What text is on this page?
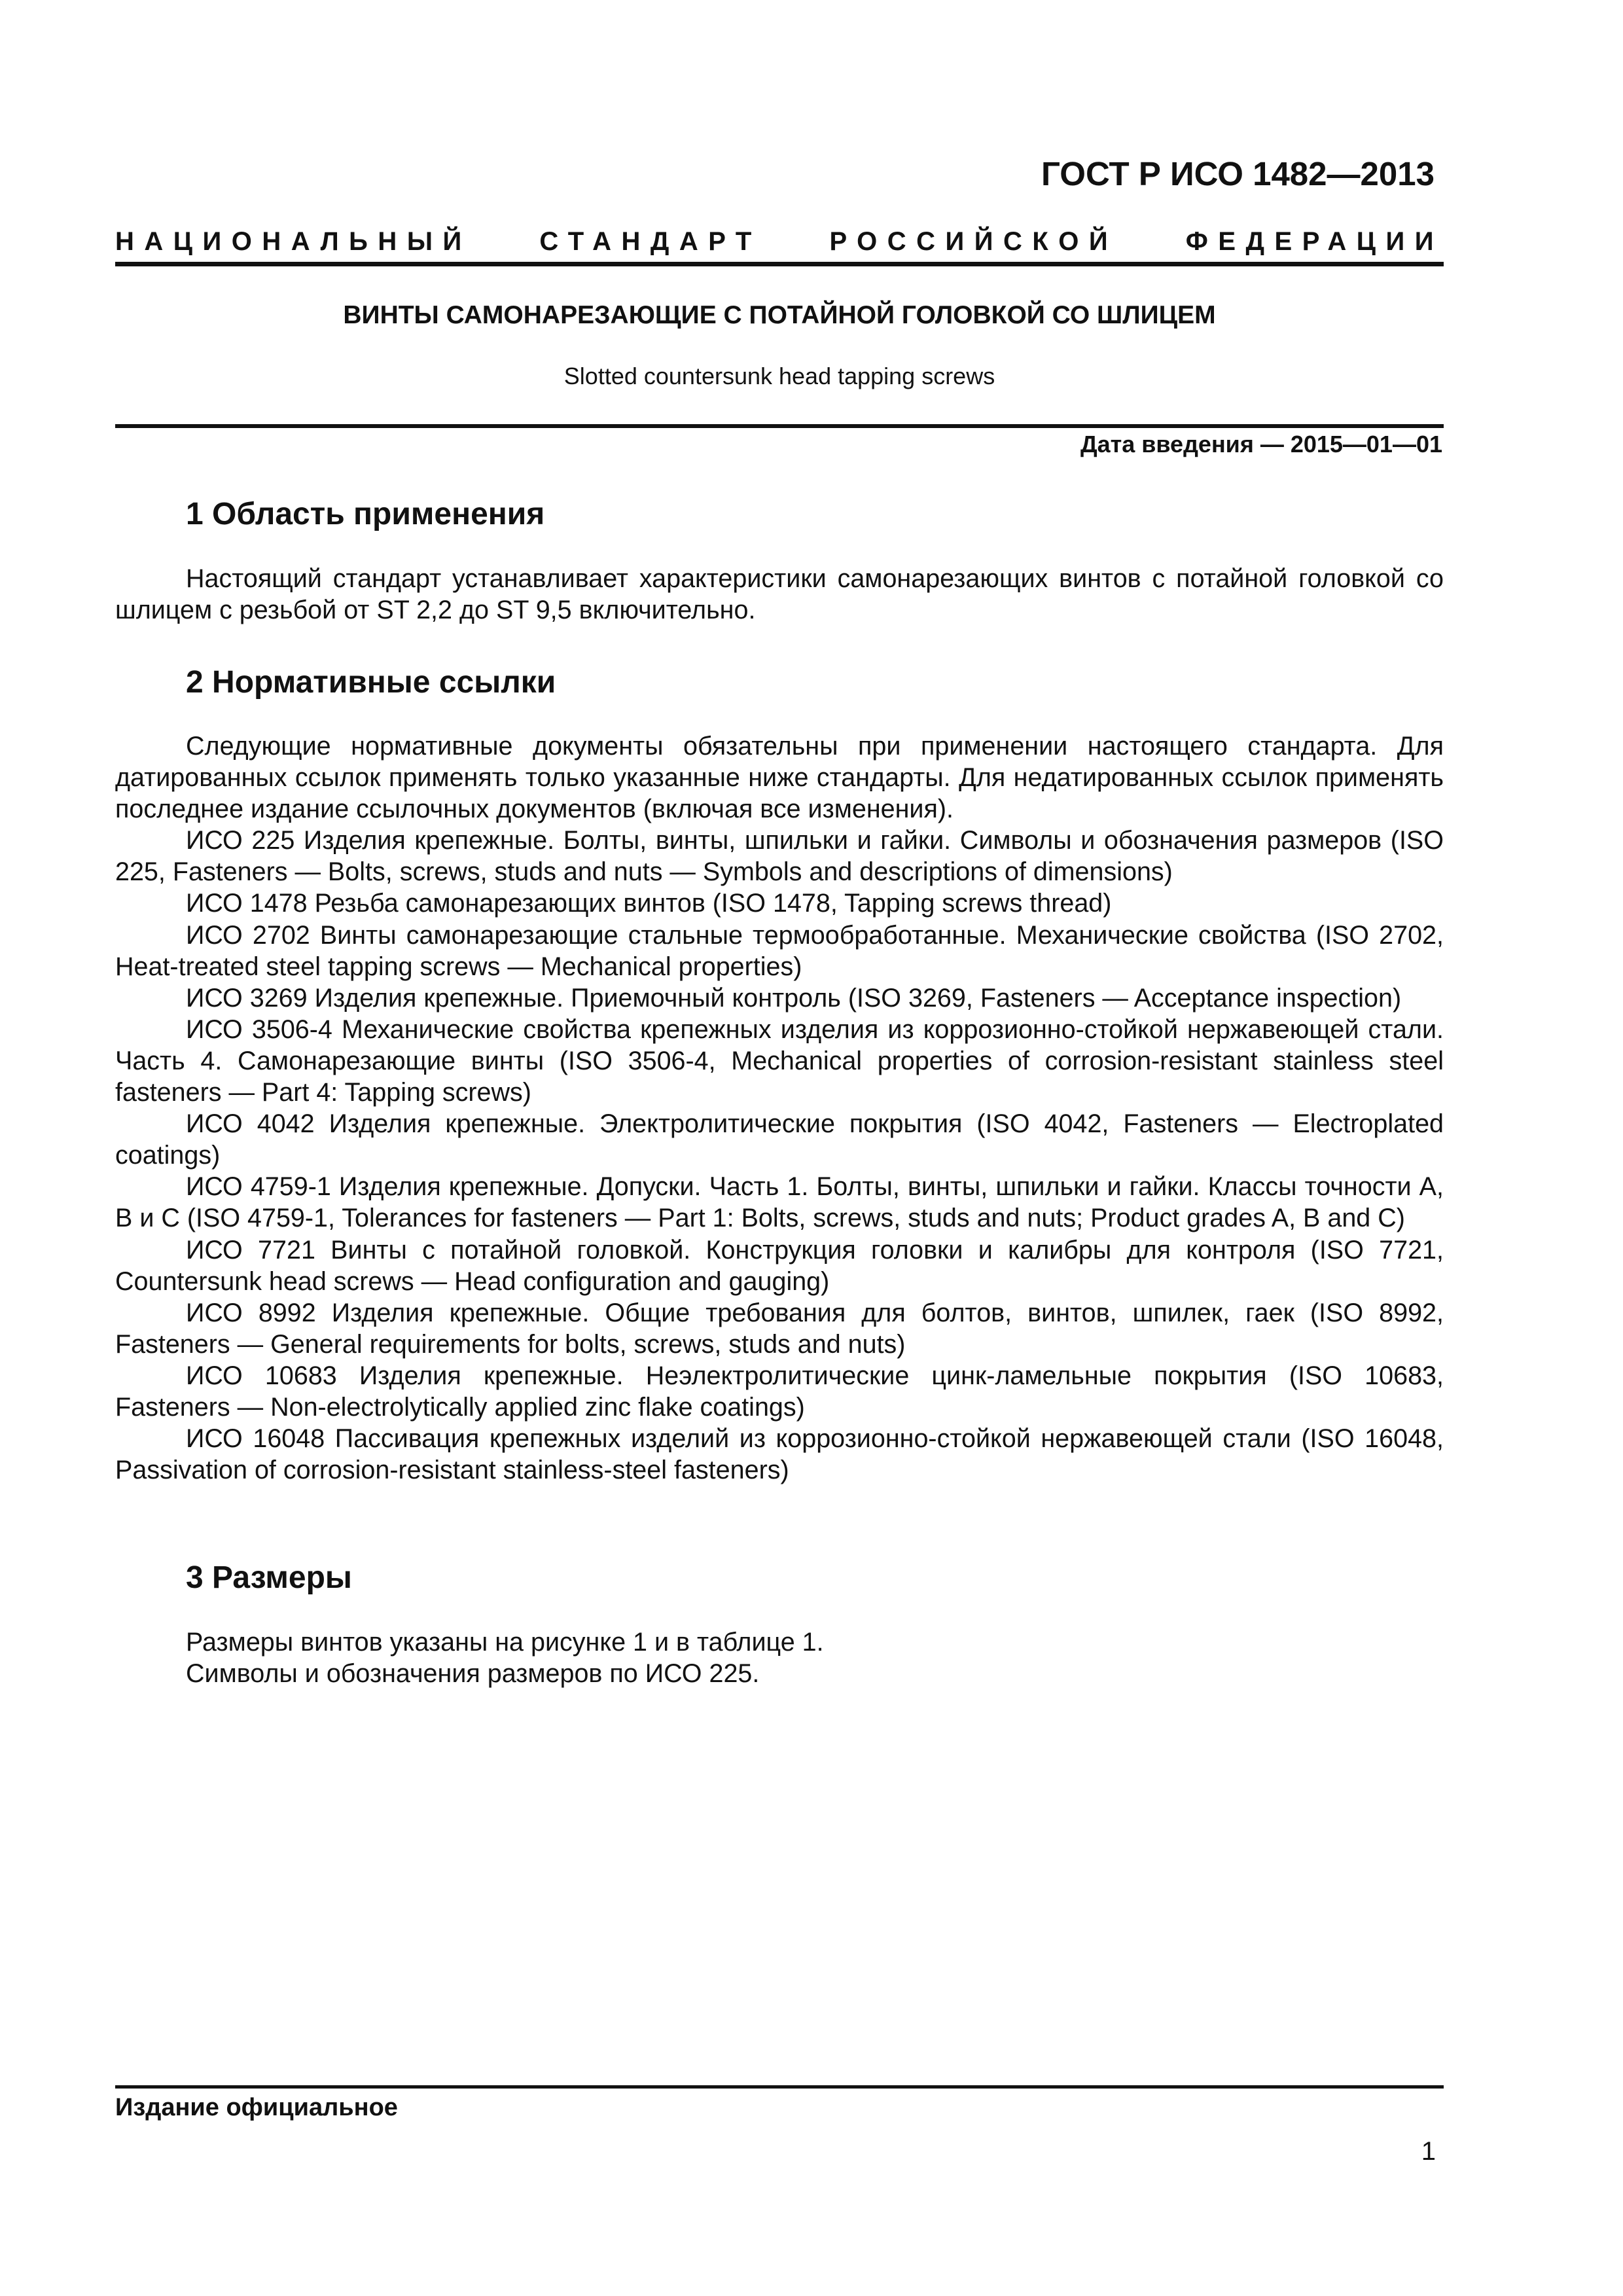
ГОСТ Р ИСО 1482—2013
НАЦИОНАЛЬНЫЙ	СТАНДАРТ	РОССИЙСКОЙ	ФЕДЕРАЦИИ
ВИНТЫ САМОНАРЕЗАЮЩИЕ С ПОТАЙНОЙ ГОЛОВКОЙ СО ШЛИЦЕМ
Slotted countersunk head tapping screws
Дата введения — 2015—01—01
1 Область применения

Настоящий стандарт устанавливает характеристики самонарезающих винтов с потайной головкой со шлицем с резьбой от ST 2,2 до ST 9,5 включительно.

2 Нормативные ссылки

Следующие нормативные документы обязательны при применении настоящего стандарта. Для датированных ссылок применять только указанные ниже стандарты. Для недатированных ссылок применять последнее издание ссылочных документов (включая все изменения).

ИСО 225 Изделия крепежные. Болты, винты, шпильки и гайки. Символы и обозначения размеров (ISO 225, Fasteners — Bolts, screws, studs and nuts — Symbols and descriptions of dimensions)

ИСО 1478 Резьба самонарезающих винтов (ISO 1478, Tapping screws thread)

ИСО 2702 Винты самонарезающие стальные термообработанные. Механические свойства (ISO 2702, Heat-treated steel tapping screws — Mechanical properties)

ИСО 3269 Изделия крепежные. Приемочный контроль (ISO 3269, Fasteners — Acceptance inspection)

ИСО 3506-4 Механические свойства крепежных изделия из коррозионно-стойкой нержавеющей стали. Часть 4. Самонарезающие винты (ISO 3506-4, Mechanical properties of corrosion-resistant stainless steel fasteners — Part 4: Tapping screws)

ИСО 4042 Изделия крепежные. Электролитические покрытия (ISO 4042, Fasteners — Electroplated coatings)

ИСО 4759-1 Изделия крепежные. Допуски. Часть 1. Болты, винты, шпильки и гайки. Классы точности А, В и С (ISO 4759-1, Tolerances for fasteners — Part 1: Bolts, screws, studs and nuts; Product grades A, B and C)

ИСО 7721 Винты с потайной головкой. Конструкция головки и калибры для контроля (ISO 7721, Countersunk head screws — Head configuration and gauging)

ИСО 8992 Изделия крепежные. Общие требования для болтов, винтов, шпилек, гаек (ISO 8992, Fasteners — General requirements for bolts, screws, studs and nuts)

ИСО 10683 Изделия крепежные. Неэлектролитические цинк-ламельные покрытия (ISO 10683, Fasteners — Non-electrolytically applied zinc flake coatings)

ИСО 16048 Пассивация крепежных изделий из коррозионно-стойкой нержавеющей стали (ISO 16048, Passivation of corrosion-resistant stainless-steel fasteners)

3 Размеры

Размеры винтов указаны на рисунке 1 и в таблице 1.

Символы и обозначения размеров по ИСО 225.

Издание официальное
1
